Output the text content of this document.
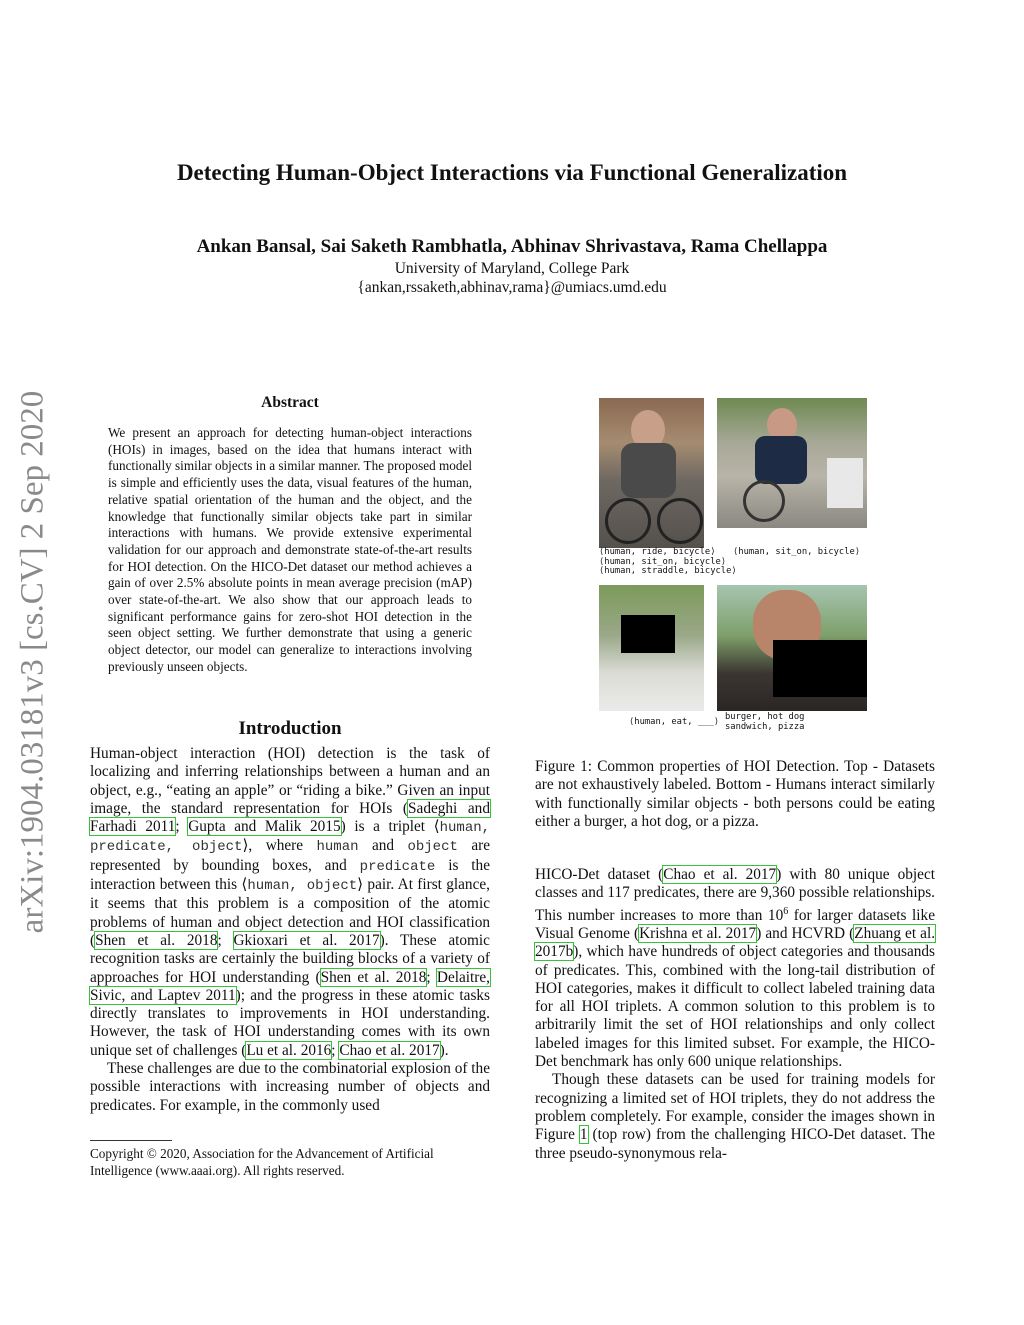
Detecting Human-Object Interactions via Functional Generalization
Ankan Bansal, Sai Saketh Rambhatla, Abhinav Shrivastava, Rama Chellappa
University of Maryland, College Park
{ankan,rssaketh,abhinav,rama}@umiacs.umd.edu
arXiv:1904.03181v3 [cs.CV] 2 Sep 2020	Abstract
We present an approach for detecting human-object interactions (HOIs) in images, based on the idea that humans interact with functionally similar objects in a similar manner. The proposed model is simple and efficiently uses the data, visual features of the human, relative spatial orientation of the human and the object, and the knowledge that functionally similar objects take part in similar interactions with humans. We provide extensive experimental validation for our approach and demonstrate state-of-the-art results for HOI detection. On the HICO-Det dataset our method achieves a gain of over 2.5% absolute points in mean average precision (mAP) over state-of-the-art. We also show that our approach leads to significant performance gains for zero-shot HOI detection in the seen object setting. We further demonstrate that using a generic object detector, our model can generalize to interactions involving previously unseen objects.
Introduction

Human-object interaction (HOI) detection is the task of localizing and inferring relationships between a human and an object, e.g., “eating an apple” or “riding a bike.” Given an input image, the standard representation for HOIs (Sadeghi and Farhadi 2011; Gupta and Malik 2015) is a triplet ⟨human, predicate, object⟩, where human and object are represented by bounding boxes, and predicate is the interaction between this ⟨human, object⟩ pair. At first glance, it seems that this problem is a composition of the atomic problems of human and object detection and HOI classification (Shen et al. 2018; Gkioxari et al. 2017). These atomic recognition tasks are certainly the building blocks of a variety of approaches for HOI understanding (Shen et al. 2018; Delaitre, Sivic, and Laptev 2011); and the progress in these atomic tasks directly translates to improvements in HOI understanding. However, the task of HOI understanding comes with its own unique set of challenges (Lu et al. 2016; Chao et al. 2017).

These challenges are due to the combinatorial explosion of the possible interactions with increasing number of objects and predicates. For example, in the commonly used

Copyright © 2020, Association for the Advancement of Artificial Intelligence (www.aaai.org). All rights reserved.
⟨human, ride, bicycle⟩
⟨human, sit_on, bicycle⟩
⟨human, straddle, bicycle⟩
⟨human, sit_on, bicycle⟩
⟨human, eat, ___⟩ burger, hot dog
sandwich, pizza
Figure 1: Common properties of HOI Detection. Top - Datasets are not exhaustively labeled. Bottom - Humans interact similarly with functionally similar objects - both persons could be eating either a burger, a hot dog, or a pizza.

HICO-Det dataset (Chao et al. 2017) with 80 unique object classes and 117 predicates, there are 9,360 possible relationships. This number increases to more than $10^6$ for larger datasets like Visual Genome (Krishna et al. 2017) and HCVRD (Zhuang et al. 2017b), which have hundreds of object categories and thousands of predicates. This, combined with the long-tail distribution of HOI categories, makes it difficult to collect labeled training data for all HOI triplets. A common solution to this problem is to arbitrarily limit the set of HOI relationships and only collect labeled images for this limited subset. For example, the HICO-Det benchmark has only 600 unique relationships.

Though these datasets can be used for training models for recognizing a limited set of HOI triplets, they do not address the problem completely. For example, consider the images shown in Figure 1 (top row) from the challenging HICO-Det dataset. The three pseudo-synonymous rela-
